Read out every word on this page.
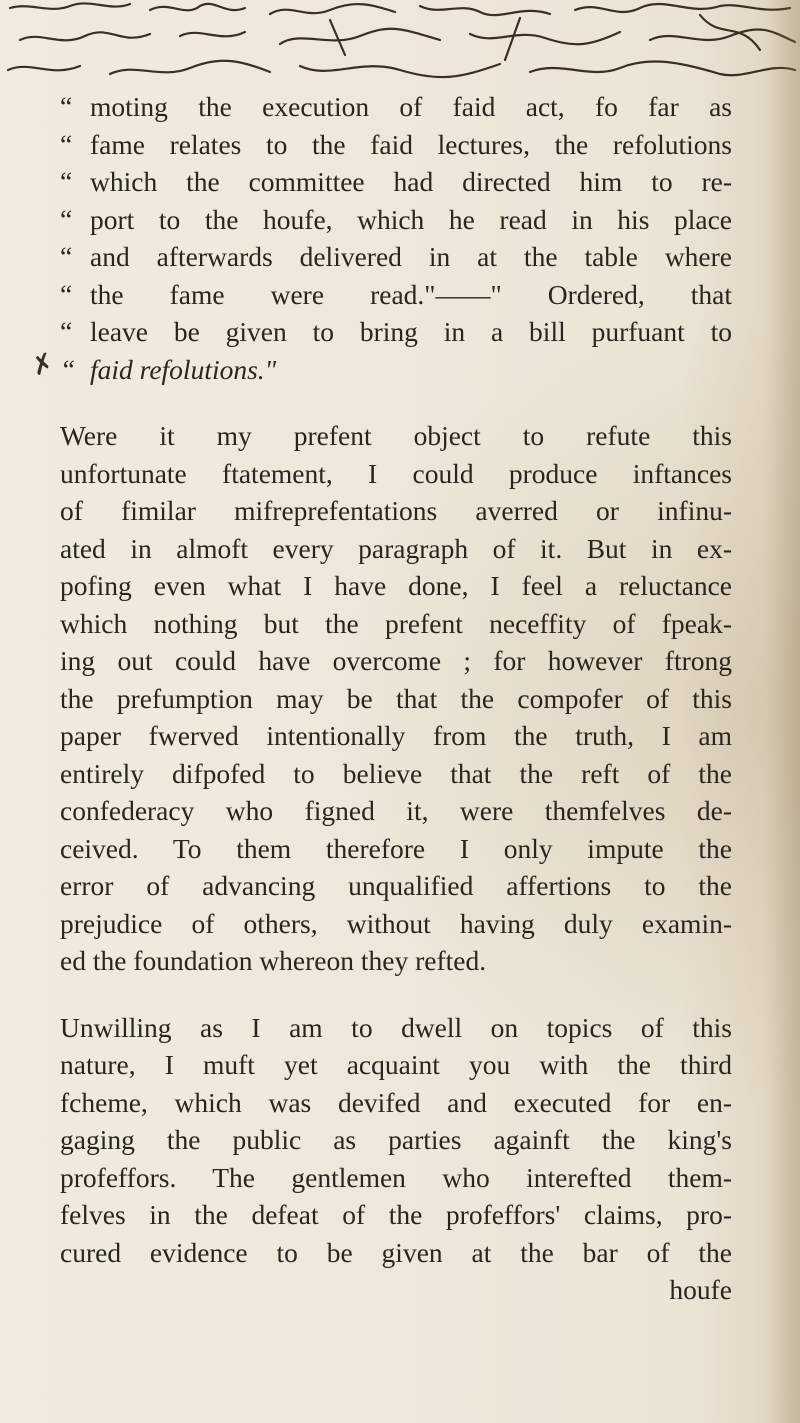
✗
“ moting the execution of faid act, fo far as
“ fame relates to the faid lectures, the refolutions
“ which the committee had directed him to re-
“ port to the houfe, which he read in his place
“ and afterwards delivered in at the table where
“ the fame were read."——" Ordered, that
“ leave be given to bring in a bill purfuant to
“ faid refolutions."
Were it my prefent object to refute this
unfortunate ftatement, I could produce inftances
of fimilar mifreprefentations averred or infinu-
ated in almoft every paragraph of it. But in ex-
pofing even what I have done, I feel a reluctance
which nothing but the prefent neceffity of fpeak-
ing out could have overcome ; for however ftrong
the prefumption may be that the compofer of this
paper fwerved intentionally from the truth, I am
entirely difpofed to believe that the reft of the
confederacy who figned it, were themfelves de-
ceived. To them therefore I only impute the
error of advancing unqualified affertions to the
prejudice of others, without having duly examin-
ed the foundation whereon they refted.
Unwilling as I am to dwell on topics of this
nature, I muft yet acquaint you with the third
fcheme, which was devifed and executed for en-
gaging the public as parties againft the king's
profeffors. The gentlemen who interefted them-
felves in the defeat of the profeffors' claims, pro-
cured evidence to be given at the bar of the
houfe
